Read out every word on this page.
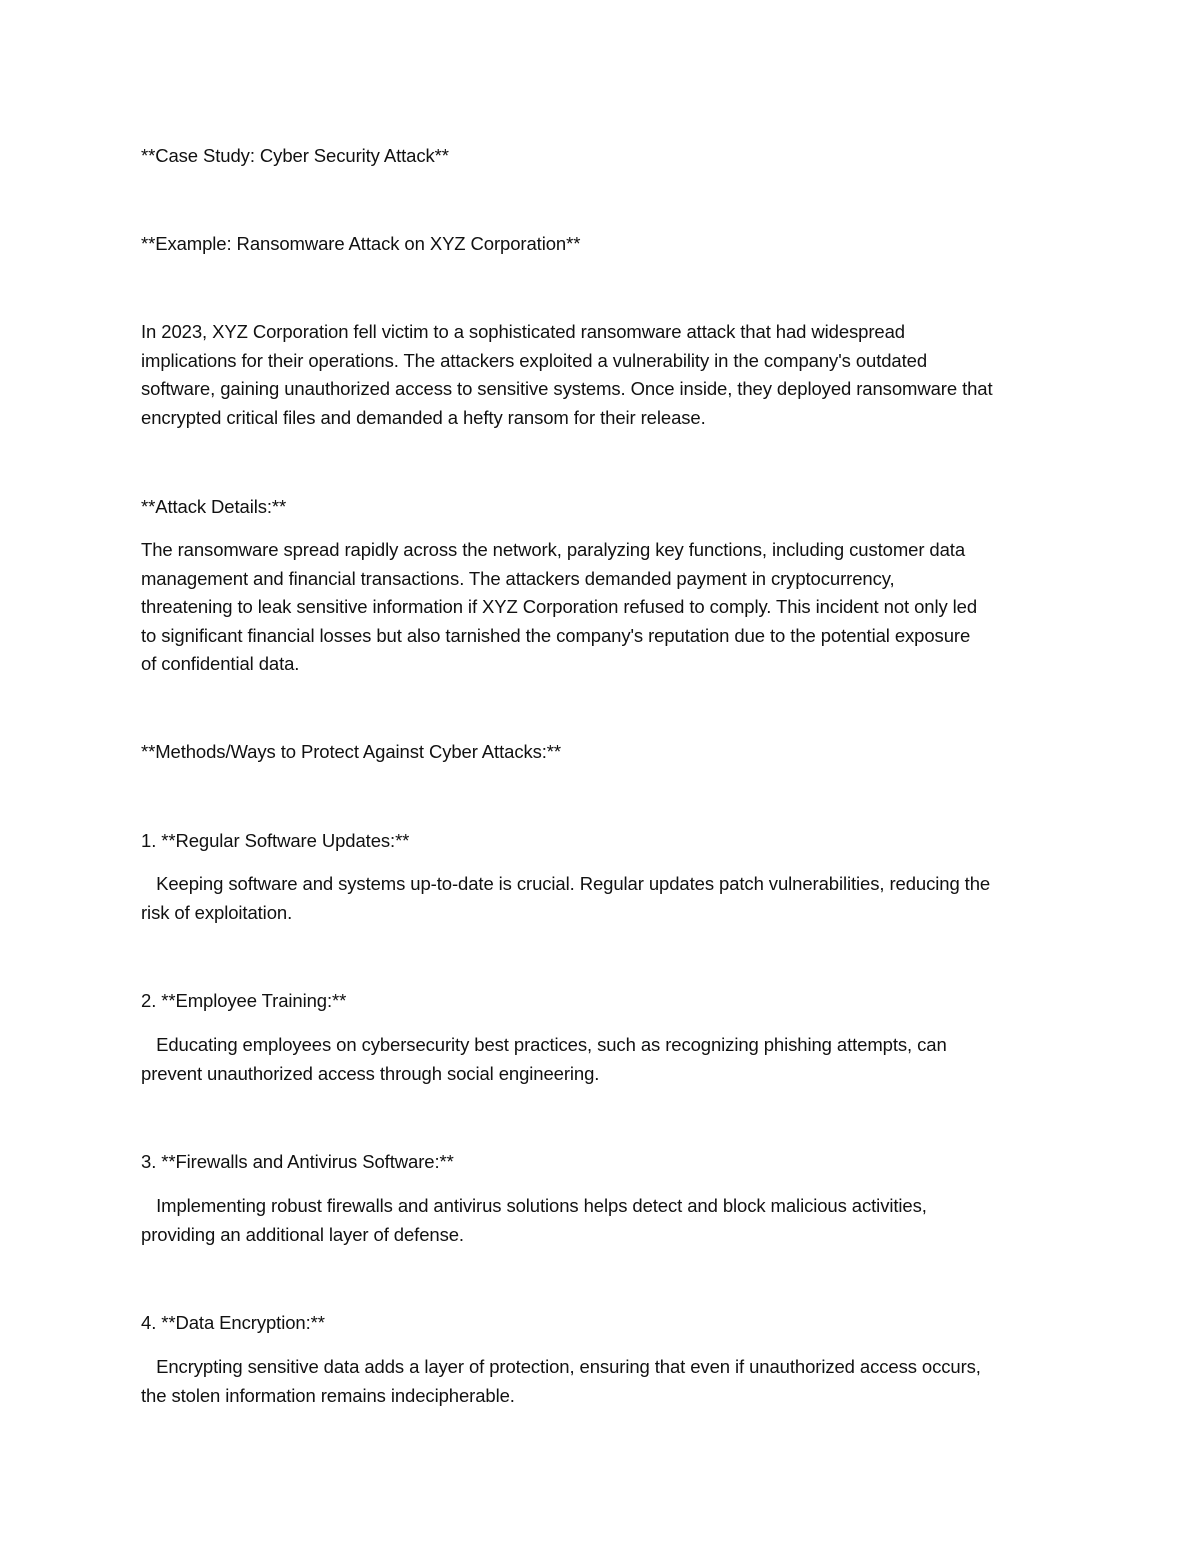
**Case Study: Cyber Security Attack**
**Example: Ransomware Attack on XYZ Corporation**
In 2023, XYZ Corporation fell victim to a sophisticated ransomware attack that had widespread
implications for their operations. The attackers exploited a vulnerability in the company's outdated
software, gaining unauthorized access to sensitive systems. Once inside, they deployed ransomware that
encrypted critical files and demanded a hefty ransom for their release.
**Attack Details:**
The ransomware spread rapidly across the network, paralyzing key functions, including customer data
management and financial transactions. The attackers demanded payment in cryptocurrency,
threatening to leak sensitive information if XYZ Corporation refused to comply. This incident not only led
to significant financial losses but also tarnished the company's reputation due to the potential exposure
of confidential data.
**Methods/Ways to Protect Against Cyber Attacks:**
1. **Regular Software Updates:**
Keeping software and systems up-to-date is crucial. Regular updates patch vulnerabilities, reducing the
risk of exploitation.
2. **Employee Training:**
Educating employees on cybersecurity best practices, such as recognizing phishing attempts, can
prevent unauthorized access through social engineering.
3. **Firewalls and Antivirus Software:**
Implementing robust firewalls and antivirus solutions helps detect and block malicious activities,
providing an additional layer of defense.
4. **Data Encryption:**
Encrypting sensitive data adds a layer of protection, ensuring that even if unauthorized access occurs,
the stolen information remains indecipherable.
